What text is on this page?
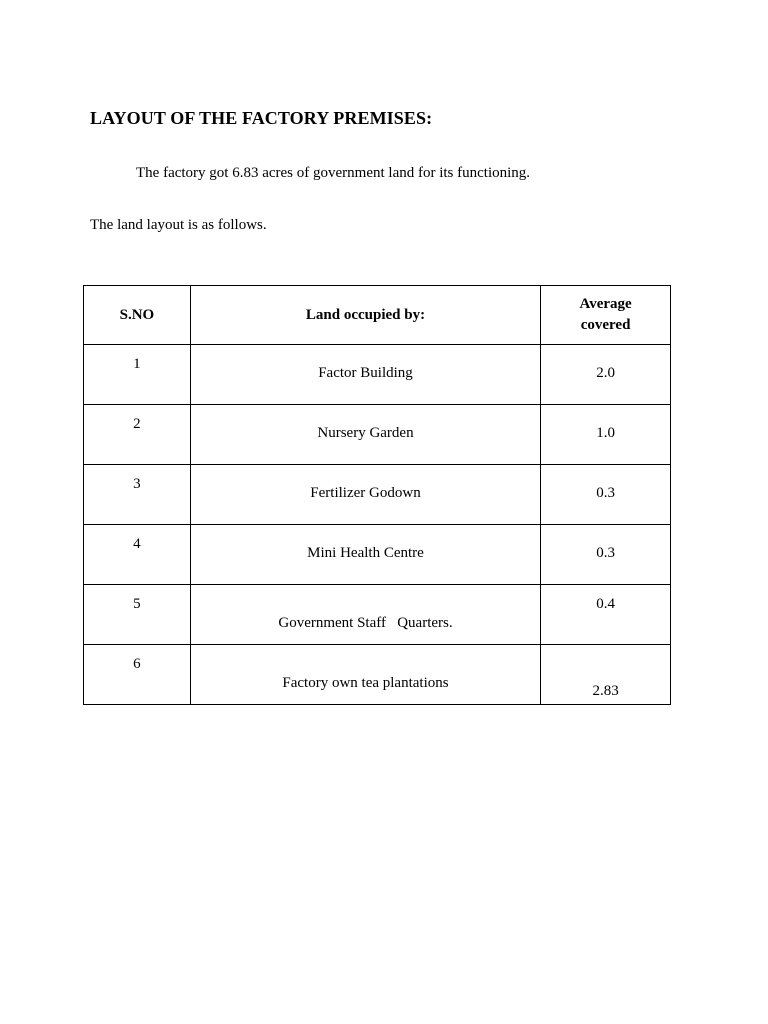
LAYOUT OF THE FACTORY PREMISES:
The factory got 6.83 acres of government land for its functioning.
The land layout is as follows.
S.NO	Land occupied by:	Average
covered

1	Factor Building	2.0

2	Nursery Garden	1.0

3	Fertilizer Godown	0.3

4	Mini Health Centre	0.3

5	Government Staff   Quarters.	0.4

6	Factory own tea plantations	2.83
